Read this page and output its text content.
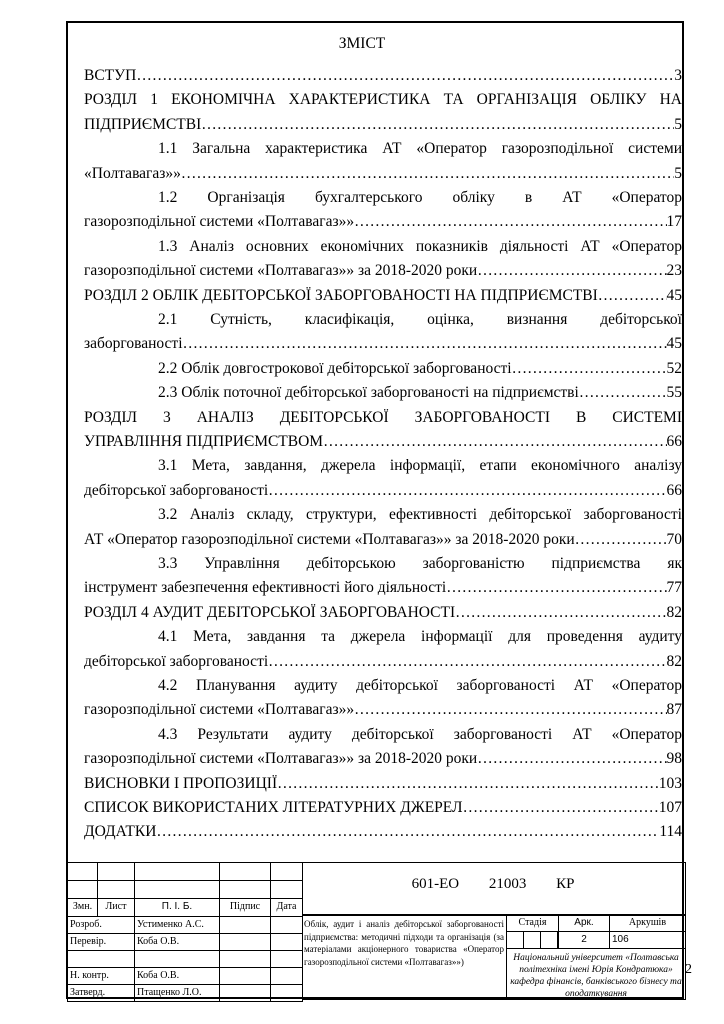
ЗМІСТ
ВСТУП ……………………………………………………………………………………………………………………………	3
РОЗДІЛ 1 ЕКОНОМІЧНА ХАРАКТЕРИСТИКА ТА ОРГАНІЗАЦІЯ ОБЛІКУ НА
ПІДПРИЄМСТВІ ……………………………………………………………………………………………………………………………	5
1.1 Загальна характеристика АТ «Оператор газорозподільної системи
«Полтавагаз»» ……………………………………………………………………………………………………………………………	5
1.2 Організація бухгалтерського обліку в АТ «Оператор
газорозподільної системи «Полтавагаз»» ……………………………………………………………………………………………………………………………	17
1.3 Аналіз основних економічних показників діяльності АТ «Оператор
газорозподільної системи «Полтавагаз»» за 2018-2020 роки ……………………………………………………………………………………………………………………………	23
РОЗДІЛ 2 ОБЛІК ДЕБІТОРСЬКОЇ ЗАБОРГОВАНОСТІ НА ПІДПРИЄМСТВІ ……………………………………………………………………………………………………………………………	45
2.1 Сутність, класифікація, оцінка, визнання дебіторської
заборгованості ……………………………………………………………………………………………………………………………	45
2.2 Облік довгострокової дебіторської заборгованості ……………………………………………………………………………………………………………………………	52
2.3 Облік поточної дебіторської заборгованості на підприємстві ……………………………………………………………………………………………………………………………	55
РОЗДІЛ 3 АНАЛІЗ ДЕБІТОРСЬКОЇ ЗАБОРГОВАНОСТІ В СИСТЕМІ
УПРАВЛІННЯ ПІДПРИЄМСТВОМ ……………………………………………………………………………………………………………………………	66
3.1 Мета, завдання, джерела інформації, етапи економічного аналізу
дебіторської заборгованості ……………………………………………………………………………………………………………………………	66
3.2 Аналіз складу, структури, ефективності дебіторської заборгованості
АТ «Оператор газорозподільної системи «Полтавагаз»» за 2018-2020 роки ……………………………………………………………………………………………………………………………	70
3.3 Управління дебіторською заборгованістю підприємства як
інструмент забезпечення ефективності його діяльності ……………………………………………………………………………………………………………………………	77
РОЗДІЛ 4 АУДИТ ДЕБІТОРСЬКОЇ ЗАБОРГОВАНОСТІ ……………………………………………………………………………………………………………………………	82
4.1 Мета, завдання та джерела інформації для проведення аудиту
дебіторської заборгованості ……………………………………………………………………………………………………………………………	82
4.2 Планування аудиту дебіторської заборгованості АТ «Оператор
газорозподільної системи «Полтавагаз»» ……………………………………………………………………………………………………………………………	87
4.3 Результати аудиту дебіторської заборгованості АТ «Оператор
газорозподільної системи «Полтавагаз»» за 2018-2020 роки ……………………………………………………………………………………………………………………………	98
ВИСНОВКИ І ПРОПОЗИЦІЇ ……………………………………………………………………………………………………………………………	103
СПИСОК ВИКОРИСТАНИХ ЛІТЕРАТУРНИХ ДЖЕРЕЛ ……………………………………………………………………………………………………………………………	107
ДОДАТКИ ……………………………………………………………………………………………………………………………	114
Змн.	Лист	П. І. Б.	Підпис	Дата
Розроб.	Устименко А.С.
Перевір.	Коба О.В.
Н. контр.	Коба О.В.
Затверд.	Птащенко Л.О.
Стадія	Арк.	Аркушів
2	106
601-ЕО 21003 КР
Облік, аудит і аналіз дебіторської заборгованості підприємства: методичні підходи та організація (за матеріалами акціонерного товариства «Оператор газорозподільної системи «Полтавагаз»»)	Національний університет «Полтавська політехніка імені Юрія Кондратюка» кафедра фінансів, банківського бізнесу та оподаткування
2
